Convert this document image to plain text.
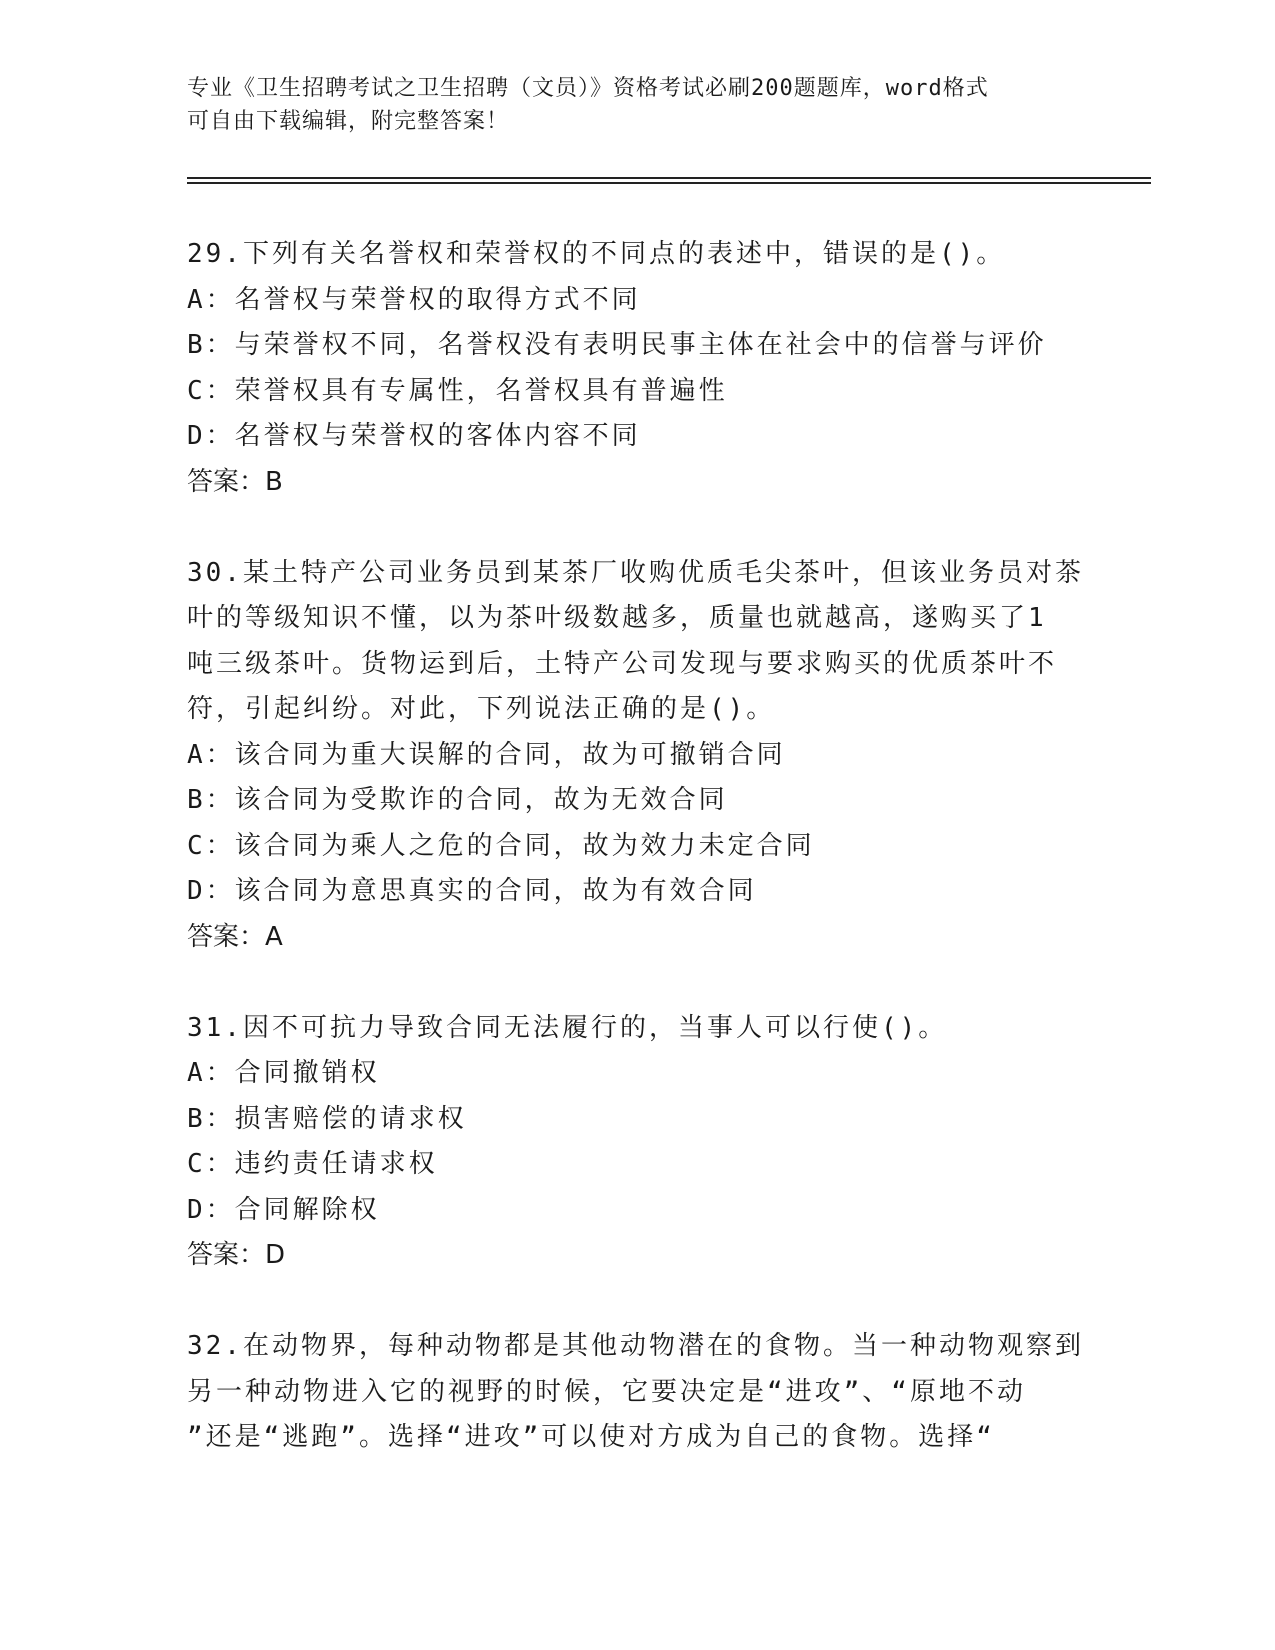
专业《卫生招聘考试之卫生招聘（文员）》资格考试必刷200题题库，word格式
可自由下载编辑，附完整答案！
29.下列有关名誉权和荣誉权的不同点的表述中，错误的是()。
A：名誉权与荣誉权的取得方式不同
B：与荣誉权不同，名誉权没有表明民事主体在社会中的信誉与评价
C：荣誉权具有专属性，名誉权具有普遍性
D：名誉权与荣誉权的客体内容不同
答案：B
30.某土特产公司业务员到某茶厂收购优质毛尖茶叶，但该业务员对茶
叶的等级知识不懂，以为茶叶级数越多，质量也就越高，遂购买了1
吨三级茶叶。货物运到后，土特产公司发现与要求购买的优质茶叶不
符，引起纠纷。对此，下列说法正确的是()。
A：该合同为重大误解的合同，故为可撤销合同
B：该合同为受欺诈的合同，故为无效合同
C：该合同为乘人之危的合同，故为效力未定合同
D：该合同为意思真实的合同，故为有效合同
答案：A
31.因不可抗力导致合同无法履行的，当事人可以行使()。
A：合同撤销权
B：损害赔偿的请求权
C：违约责任请求权
D：合同解除权
答案：D
32.在动物界，每种动物都是其他动物潜在的食物。当一种动物观察到
另一种动物进入它的视野的时候，它要决定是“进攻”、“原地不动
”还是“逃跑”。选择“进攻”可以使对方成为自己的食物。选择“
